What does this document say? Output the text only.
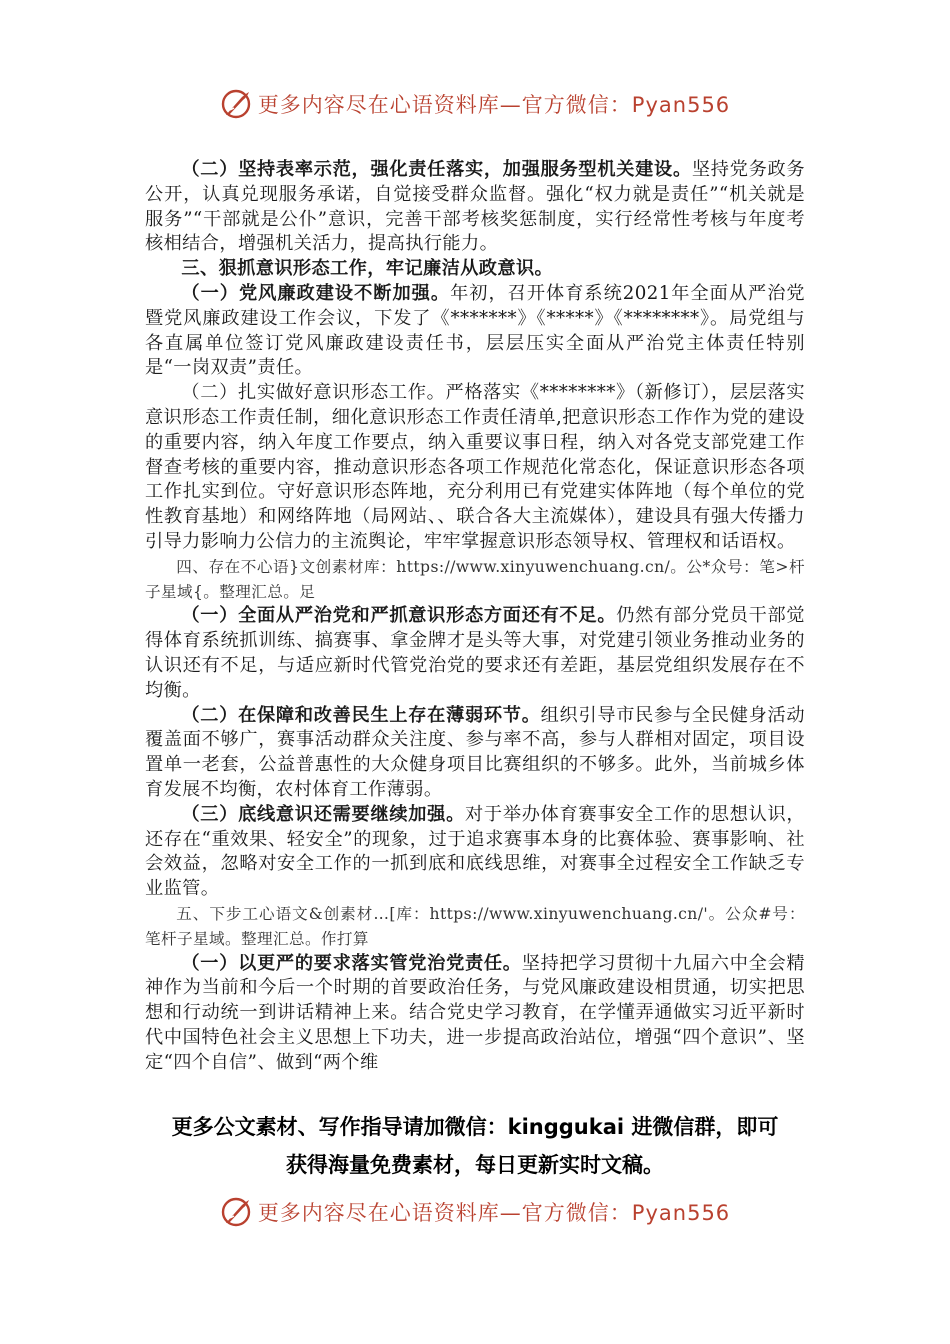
更多内容尽在心语资料库—官方微信：Pyan556

（二）坚持表率示范，强化责任落实，加强服务型机关建设。坚持党务政务公开，认真兑现服务承诺，自觉接受群众监督。强化“权力就是责任”“机关就是服务”“干部就是公仆”意识，完善干部考核奖惩制度，实行经常性考核与年度考核相结合，增强机关活力，提高执行能力。

三、狠抓意识形态工作，牢记廉洁从政意识。

（一）党风廉政建设不断加强。年初，召开体育系统2021年全面从严治党暨党风廉政建设工作会议，下发了《*******》《*****》《********》。局党组与各直属单位签订党风廉政建设责任书，层层压实全面从严治党主体责任特别是“一岗双责”责任。

（二）扎实做好意识形态工作。严格落实《********》（新修订），层层落实意识形态工作责任制，细化意识形态工作责任清单,把意识形态工作作为党的建设的重要内容，纳入年度工作要点，纳入重要议事日程，纳入对各党支部党建工作督查考核的重要内容，推动意识形态各项工作规范化常态化，保证意识形态各项工作扎实到位。守好意识形态阵地，充分利用已有党建实体阵地（每个单位的党性教育基地）和网络阵地（局网站、、联合各大主流媒体），建设具有强大传播力引导力影响力公信力的主流舆论，牢牢掌握意识形态领导权、管理权和话语权。

四、存在不心语}文创素材库：https://www.xinyuwenchuang.cn/。公*众号：笔>杆子星域{。整理汇总。足

（一）全面从严治党和严抓意识形态方面还有不足。仍然有部分党员干部觉得体育系统抓训练、搞赛事、拿金牌才是头等大事，对党建引领业务推动业务的认识还有不足，与适应新时代管党治党的要求还有差距，基层党组织发展存在不均衡。

（二）在保障和改善民生上存在薄弱环节。组织引导市民参与全民健身活动覆盖面不够广，赛事活动群众关注度、参与率不高，参与人群相对固定，项目设置单一老套，公益普惠性的大众健身项目比赛组织的不够多。此外，当前城乡体育发展不均衡，农村体育工作薄弱。

（三）底线意识还需要继续加强。对于举办体育赛事安全工作的思想认识，还存在“重效果、轻安全”的现象，过于追求赛事本身的比赛体验、赛事影响、社会效益，忽略对安全工作的一抓到底和底线思维，对赛事全过程安全工作缺乏专业监管。

五、下步工心语文&创素材…[库：https://www.xinyuwenchuang.cn/'。公众#号：笔杆子星域。整理汇总。作打算

（一）以更严的要求落实管党治党责任。坚持把学习贯彻十九届六中全会精神作为当前和今后一个时期的首要政治任务，与党风廉政建设相贯通，切实把思想和行动统一到讲话精神上来。结合党史学习教育，在学懂弄通做实习近平新时代中国特色社会主义思想上下功夫，进一步提高政治站位，增强“四个意识”、坚定“四个自信”、做到“两个维

更多公文素材、写作指导请加微信：kinggukai 进微信群，即可
获得海量免费素材，每日更新实时文稿。
更多内容尽在心语资料库—官方微信：Pyan556
